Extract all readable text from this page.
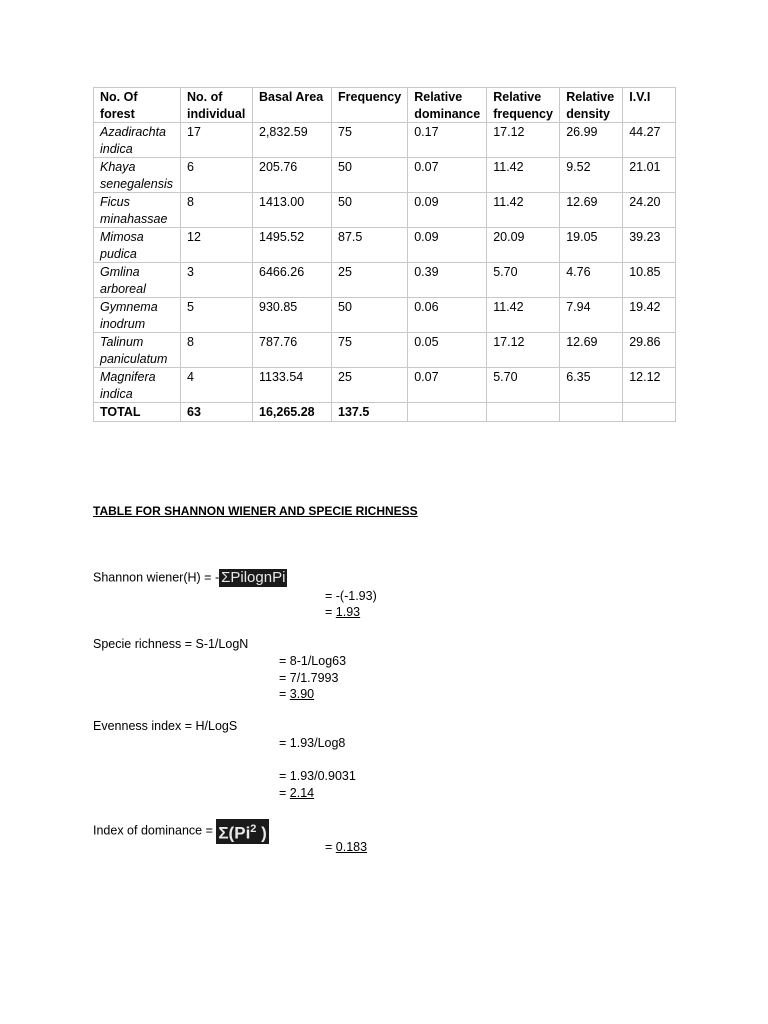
No. Of forest	No. of individual	Basal Area	Frequency	Relative dominance	Relative frequency	Relative density	I.V.I
Azadirachta indica	17	2,832.59	75	0.17	17.12	26.99	44.27
Khaya senegalensis	6	205.76	50	0.07	11.42	9.52	21.01
Ficus minahassae	8	1413.00	50	0.09	11.42	12.69	24.20
Mimosa pudica	12	1495.52	87.5	0.09	20.09	19.05	39.23
Gmlina arboreal	3	6466.26	25	0.39	5.70	4.76	10.85
Gymnema inodrum	5	930.85	50	0.06	11.42	7.94	19.42
Talinum paniculatum	8	787.76	75	0.05	17.12	12.69	29.86
Magnifera indica	4	1133.54	25	0.07	5.70	6.35	12.12
TOTAL	63	16,265.28	137.5				
TABLE FOR SHANNON WIENER AND SPECIE RICHNESS
Shannon wiener(H) = - ΣPilognPi
= -(-1.93)
= 1.93
Specie richness = S-1/LogN
= 8-1/Log63
= 7/1.7993
= 3.90
Evenness index = H/LogS
= 1.93/Log8
= 1.93/0.9031
= 2.14
Index of dominance = $\Sigma(Pi^2$ )
= 0.183
